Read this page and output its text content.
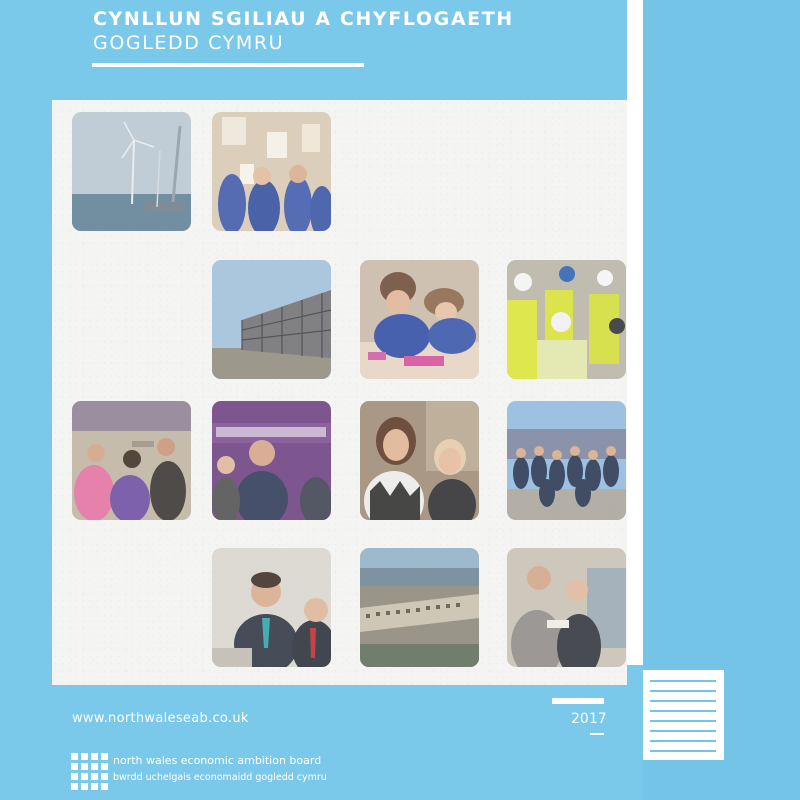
CYNLLUN SGILIAU A CHYFLOGAETH
GOGLEDD CYMRU
www.northwaleseab.co.uk	2017
north wales economic ambition board
bwrdd uchelgais economaidd gogledd cymru
